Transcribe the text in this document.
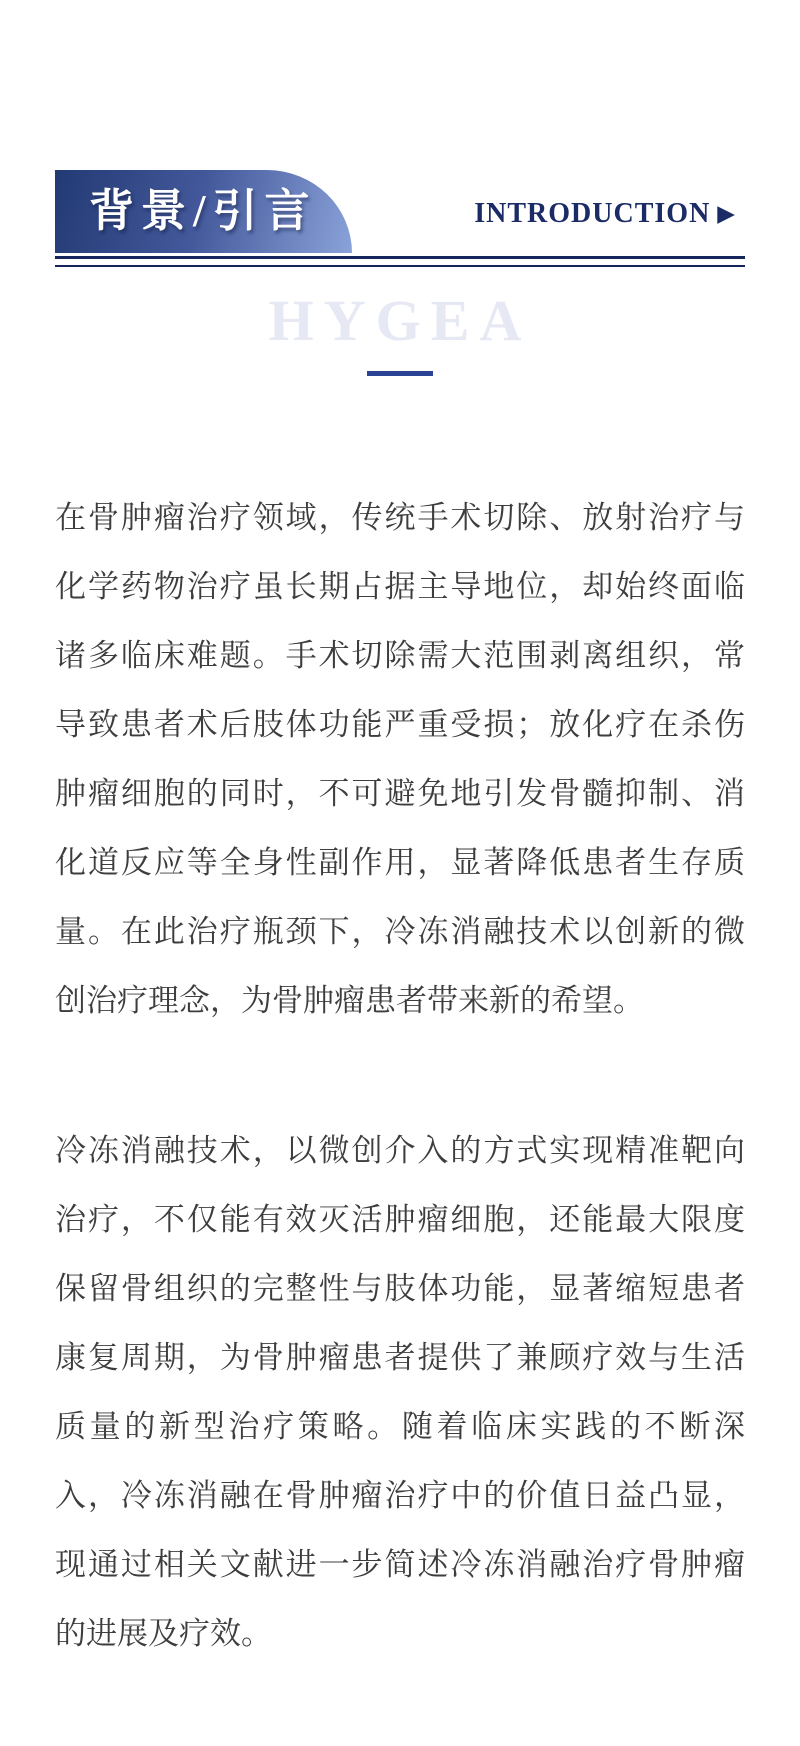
背景/引言	INTRODUCTION ▶
HYGEA

在骨肿瘤治疗领域，传统手术切除、放射治疗与

化学药物治疗虽长期占据主导地位，却始终面临

诸多临床难题。手术切除需大范围剥离组织，常

导致患者术后肢体功能严重受损；放化疗在杀伤

肿瘤细胞的同时，不可避免地引发骨髓抑制、消

化道反应等全身性副作用，显著降低患者生存质

量。在此治疗瓶颈下，冷冻消融技术以创新的微

创治疗理念，为骨肿瘤患者带来新的希望。

冷冻消融技术，以微创介入的方式实现精准靶向

治疗，不仅能有效灭活肿瘤细胞，还能最大限度

保留骨组织的完整性与肢体功能，显著缩短患者

康复周期，为骨肿瘤患者提供了兼顾疗效与生活

质量的新型治疗策略。随着临床实践的不断深

入，冷冻消融在骨肿瘤治疗中的价值日益凸显，

现通过相关文献进一步简述冷冻消融治疗骨肿瘤

的进展及疗效。
